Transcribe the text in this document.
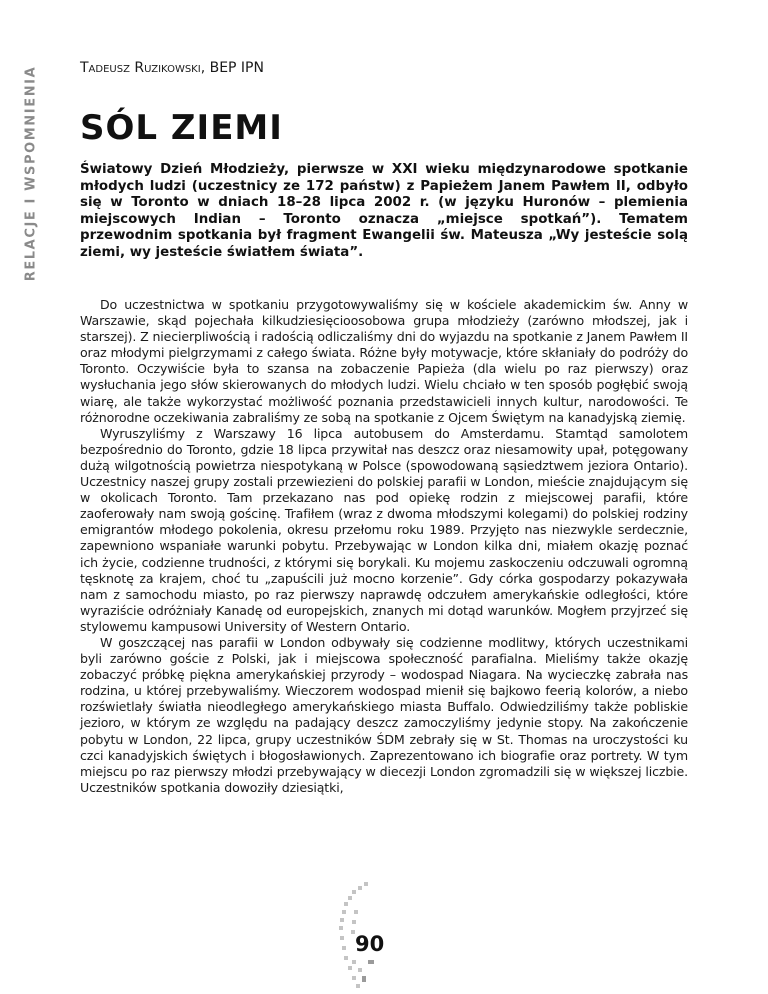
RELACJE I WSPOMNIENIA	Tadeusz Ruzikowski, BEP IPN
SÓL ZIEMI

Światowy Dzień Młodzieży, pierwsze w XXI wieku międzynarodowe spotkanie młodych ludzi (uczestnicy ze 172 państw) z Papieżem Janem Pawłem II, odbyło się w Toronto w dniach 18–28 lipca 2002 r. (w języku Huronów – plemienia miejscowych Indian – Toronto oznacza „miejsce spotkań”). Tematem przewodnim spotkania był fragment Ewangelii św. Mateusza „Wy jesteście solą ziemi, wy jesteście światłem świata”.

Do uczestnictwa w spotkaniu przygotowywaliśmy się w kościele akademickim św. Anny w Warszawie, skąd pojechała kilkudziesięcioosobowa grupa młodzieży (zarówno młodszej, jak i starszej). Z niecierpliwością i radością odliczaliśmy dni do wyjazdu na spotkanie z Janem Pawłem II oraz młodymi pielgrzymami z całego świata. Różne były motywacje, które skłaniały do podróży do Toronto. Oczywiście była to szansa na zobaczenie Papieża (dla wielu po raz pierwszy) oraz wysłuchania jego słów skierowanych do młodych ludzi. Wielu chciało w ten sposób pogłębić swoją wiarę, ale także wykorzystać możliwość poznania przedstawicieli innych kultur, narodowości. Te różnorodne oczekiwania zabraliśmy ze sobą na spotkanie z Ojcem Świętym na kanadyjską ziemię.

Wyruszyliśmy z Warszawy 16 lipca autobusem do Amsterdamu. Stamtąd samolotem bezpośrednio do Toronto, gdzie 18 lipca przywitał nas deszcz oraz niesamowity upał, potęgowany dużą wilgotnością powietrza niespotykaną w Polsce (spowodowaną sąsiedztwem jeziora Ontario). Uczestnicy naszej grupy zostali przewiezieni do polskiej parafii w London, mieście znajdującym się w okolicach Toronto. Tam przekazano nas pod opiekę rodzin z miejscowej parafii, które zaoferowały nam swoją gościnę. Trafiłem (wraz z dwoma młodszymi kolegami) do polskiej rodziny emigrantów młodego pokolenia, okresu przełomu roku 1989. Przyjęto nas niezwykle serdecznie, zapewniono wspaniałe warunki pobytu. Przebywając w London kilka dni, miałem okazję poznać ich życie, codzienne trudności, z którymi się borykali. Ku mojemu zaskoczeniu odczuwali ogromną tęsknotę za krajem, choć tu „zapuścili już mocno korzenie”. Gdy córka gospodarzy pokazywała nam z samochodu miasto, po raz pierwszy naprawdę odczułem amerykańskie odległości, które wyraziście odróżniały Kanadę od europejskich, znanych mi dotąd warunków. Mogłem przyjrzeć się stylowemu kampusowi University of Western Ontario.

W goszczącej nas parafii w London odbywały się codzienne modlitwy, których uczestnikami byli zarówno goście z Polski, jak i miejscowa społeczność parafialna. Mieliśmy także okazję zobaczyć próbkę piękna amerykańskiej przyrody – wodospad Niagara. Na wycieczkę zabrała nas rodzina, u której przebywaliśmy. Wieczorem wodospad mienił się bajkowo feerią kolorów, a niebo rozświetlały światła nieodległego amerykańskiego miasta Buffalo. Odwiedziliśmy także pobliskie jezioro, w którym ze względu na padający deszcz zamoczyliśmy jedynie stopy. Na zakończenie pobytu w London, 22 lipca, grupy uczestników ŚDM zebrały się w St. Thomas na uroczystości ku czci kanadyjskich świętych i błogosławionych. Zaprezentowano ich biografie oraz portrety. W tym miejscu po raz pierwszy młodzi przebywający w diecezji London zgromadzili się w większej liczbie. Uczestników spotkania dowoziły dziesiątki,

90
